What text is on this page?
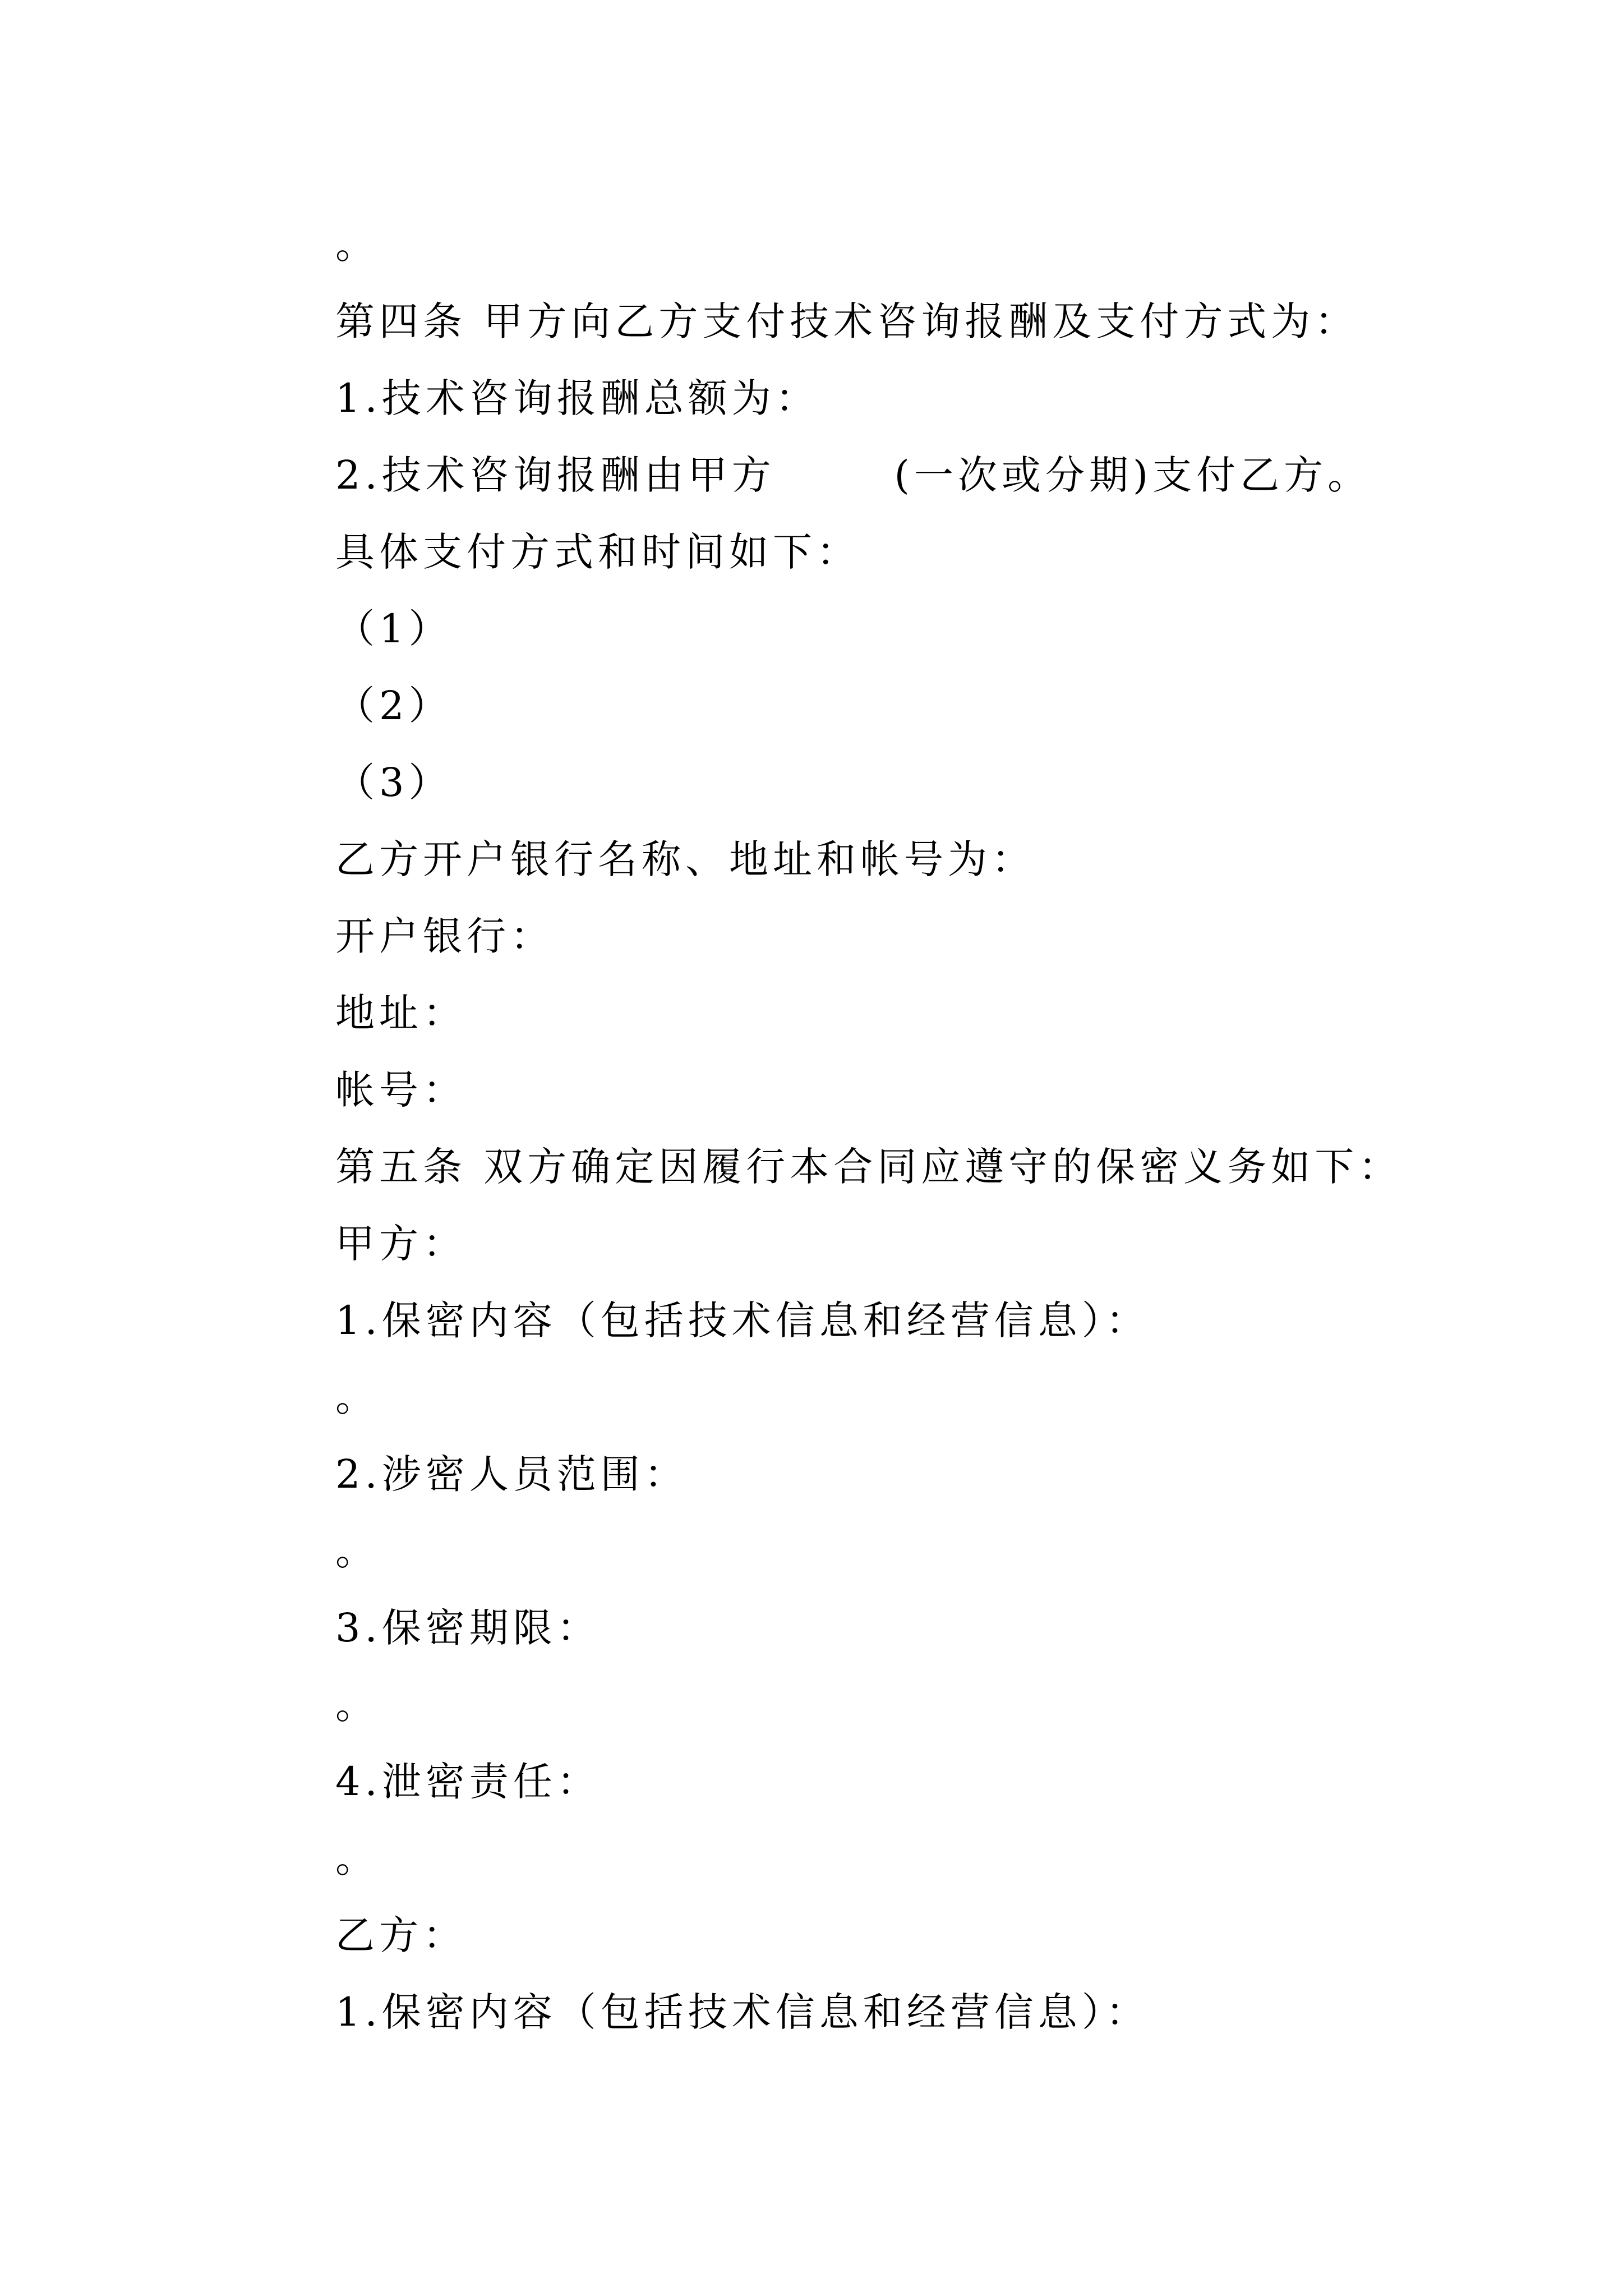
。
第四条 甲方向乙方支付技术咨询报酬及支付方式为：
1.技术咨询报酬总额为：
2.技术咨询报酬由甲方       (一次或分期)支付乙方。
具体支付方式和时间如下：
（1）
（2）
（3）
乙方开户银行名称、地址和帐号为：
开户银行：
地址：
帐号：
第五条 双方确定因履行本合同应遵守的保密义务如下：
甲方：
1.保密内容（包括技术信息和经营信息）：
。
2.涉密人员范围：
。
3.保密期限：
。
4.泄密责任：
。
乙方：
1.保密内容（包括技术信息和经营信息）：
